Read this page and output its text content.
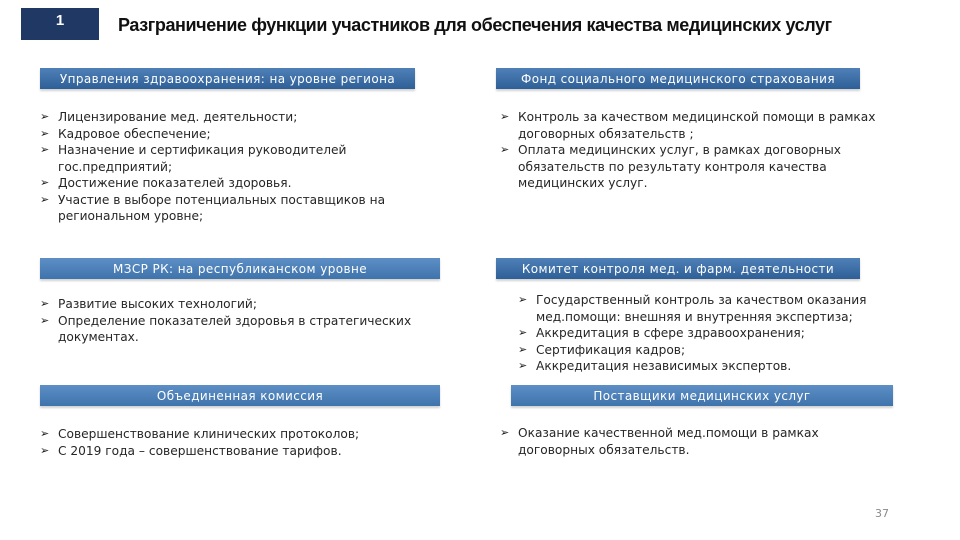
1	Разграничение функции участников для обеспечения качества медицинских услуг
Управления здравоохранения: на уровне региона
➢ Лицензирование мед. деятельности;
➢ Кадровое обеспечение;
➢ Назначение и сертификация руководителей гос.предприятий;
➢ Достижение показателей здоровья.
➢ Участие в выборе потенциальных поставщиков на региональном уровне;
МЗСР РК: на республиканском уровне
➢ Развитие высоких технологий;
➢ Определение показателей здоровья в стратегических документах.
Объединенная комиссия
➢ Совершенствование клинических протоколов;
➢ С 2019 года – совершенствование тарифов.
Фонд социального медицинского страхования
➢ Контроль за качеством медицинской помощи в рамках договорных обязательств ;
➢ Оплата медицинских услуг, в рамках договорных обязательств по результату контроля качества медицинских услуг.
Комитет контроля мед. и фарм. деятельности
➢ Государственный контроль за качеством оказания мед.помощи: внешняя и внутренняя экспертиза;
➢ Аккредитация в сфере здравоохранения;
➢ Сертификация кадров;
➢ Аккредитация независимых экспертов.
Поставщики медицинских услуг
➢ Оказание качественной мед.помощи в рамках договорных обязательств.
37
